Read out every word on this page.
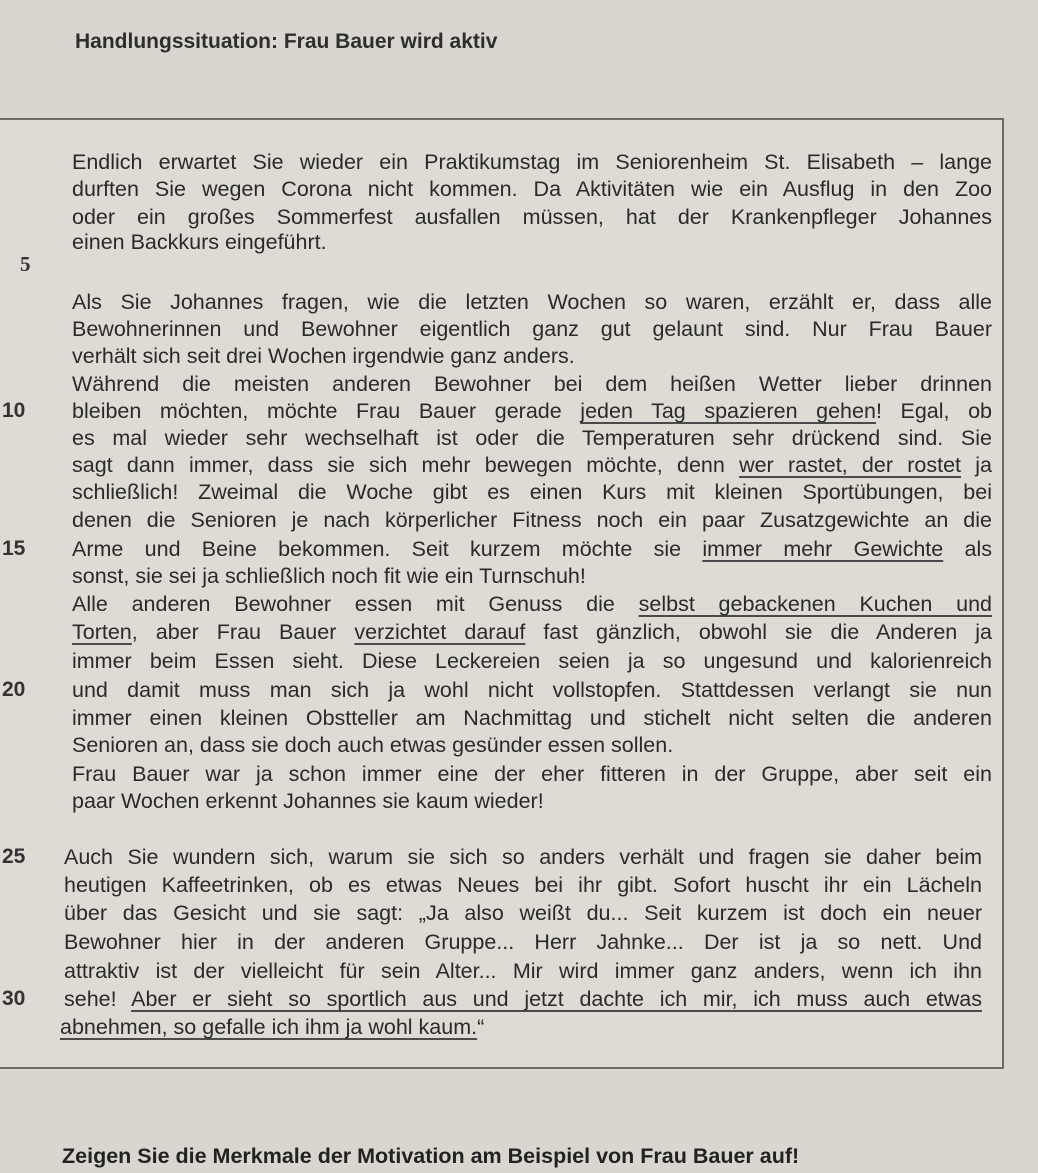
Handlungssituation: Frau Bauer wird aktiv
5
10
15
20
25
30
Endlich erwartet Sie wieder ein Praktikumstag im Seniorenheim St. Elisabeth – lange
durften Sie wegen Corona nicht kommen. Da Aktivitäten wie ein Ausflug in den Zoo
oder ein großes Sommerfest ausfallen müssen, hat der Krankenpfleger Johannes
einen Backkurs eingeführt.
Als Sie Johannes fragen, wie die letzten Wochen so waren, erzählt er, dass alle
Bewohnerinnen und Bewohner eigentlich ganz gut gelaunt sind. Nur Frau Bauer
verhält sich seit drei Wochen irgendwie ganz anders.
Während die meisten anderen Bewohner bei dem heißen Wetter lieber drinnen
bleiben möchten, möchte Frau Bauer gerade jeden Tag spazieren gehen! Egal, ob
es mal wieder sehr wechselhaft ist oder die Temperaturen sehr drückend sind. Sie
sagt dann immer, dass sie sich mehr bewegen möchte, denn wer rastet, der rostet ja
schließlich! Zweimal die Woche gibt es einen Kurs mit kleinen Sportübungen, bei
denen die Senioren je nach körperlicher Fitness noch ein paar Zusatzgewichte an die
Arme und Beine bekommen. Seit kurzem möchte sie immer mehr Gewichte als
sonst, sie sei ja schließlich noch fit wie ein Turnschuh!
Alle anderen Bewohner essen mit Genuss die selbst gebackenen Kuchen und
Torten, aber Frau Bauer verzichtet darauf fast gänzlich, obwohl sie die Anderen ja
immer beim Essen sieht. Diese Leckereien seien ja so ungesund und kalorienreich
und damit muss man sich ja wohl nicht vollstopfen. Stattdessen verlangt sie nun
immer einen kleinen Obstteller am Nachmittag und stichelt nicht selten die anderen
Senioren an, dass sie doch auch etwas gesünder essen sollen.
Frau Bauer war ja schon immer eine der eher fitteren in der Gruppe, aber seit ein
paar Wochen erkennt Johannes sie kaum wieder!
Auch Sie wundern sich, warum sie sich so anders verhält und fragen sie daher beim
heutigen Kaffeetrinken, ob es etwas Neues bei ihr gibt. Sofort huscht ihr ein Lächeln
über das Gesicht und sie sagt: „Ja also weißt du... Seit kurzem ist doch ein neuer
Bewohner hier in der anderen Gruppe... Herr Jahnke... Der ist ja so nett. Und
attraktiv ist der vielleicht für sein Alter... Mir wird immer ganz anders, wenn ich ihn
sehe! Aber er sieht so sportlich aus und jetzt dachte ich mir, ich muss auch etwas
abnehmen, so gefalle ich ihm ja wohl kaum.“
Zeigen Sie die Merkmale der Motivation am Beispiel von Frau Bauer auf!
